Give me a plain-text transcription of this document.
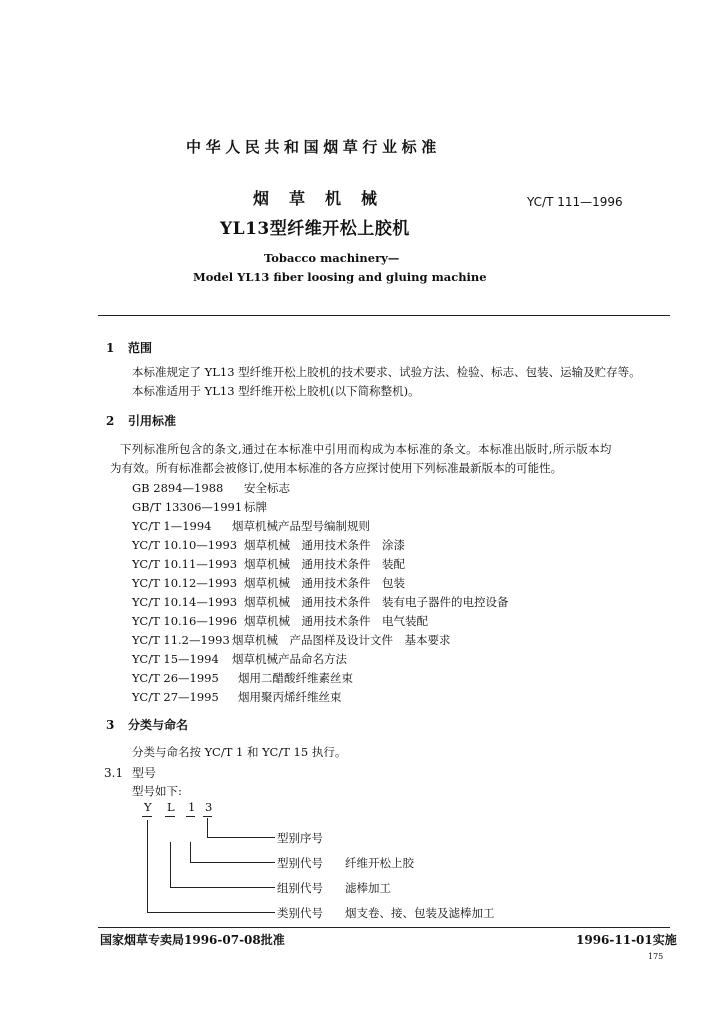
中华人民共和国烟草行业标准
烟草机械
YL13型纤维开松上胶机
YC/T 111—1996
Tobacco machinery—
Model YL13 fiber loosing and gluing machine
1 范围
本标准规定了 YL13 型纤维开松上胶机的技术要求、试验方法、检验、标志、包装、运输及贮存等。
本标准适用于 YL13 型纤维开松上胶机(以下简称整机)。
2 引用标准
下列标准所包含的条文,通过在本标准中引用而构成为本标准的条文。本标准出版时,所示版本均
为有效。所有标准都会被修订,使用本标准的各方应探讨使用下列标准最新版本的可能性。
GB 2894—1988 安全标志
GB/T 13306—1991 标牌
YC/T 1—1994 烟草机械产品型号编制规则
YC/T 10.10—1993 烟草机械　通用技术条件　涂漆
YC/T 10.11—1993 烟草机械　通用技术条件　装配
YC/T 10.12—1993 烟草机械　通用技术条件　包装
YC/T 10.14—1993 烟草机械　通用技术条件　装有电子器件的电控设备
YC/T 10.16—1996 烟草机械　通用技术条件　电气装配
YC/T 11.2—1993 烟草机械　产品图样及设计文件　基本要求
YC/T 15—1994 烟草机械产品命名方法
YC/T 26—1995 烟用二醋酸纤维素丝束
YC/T 27—1995 烟用聚丙烯纤维丝束
3 分类与命名
分类与命名按 YC/T 1 和 YC/T 15 执行。
3.1 型号
型号如下:
Y L 1 3
型别序号
型别代号 纤维开松上胶
组别代号 滤棒加工
类别代号 烟支卷、接、包装及滤棒加工
国家烟草专卖局1996-07-08批准	1996-11-01实施
175
